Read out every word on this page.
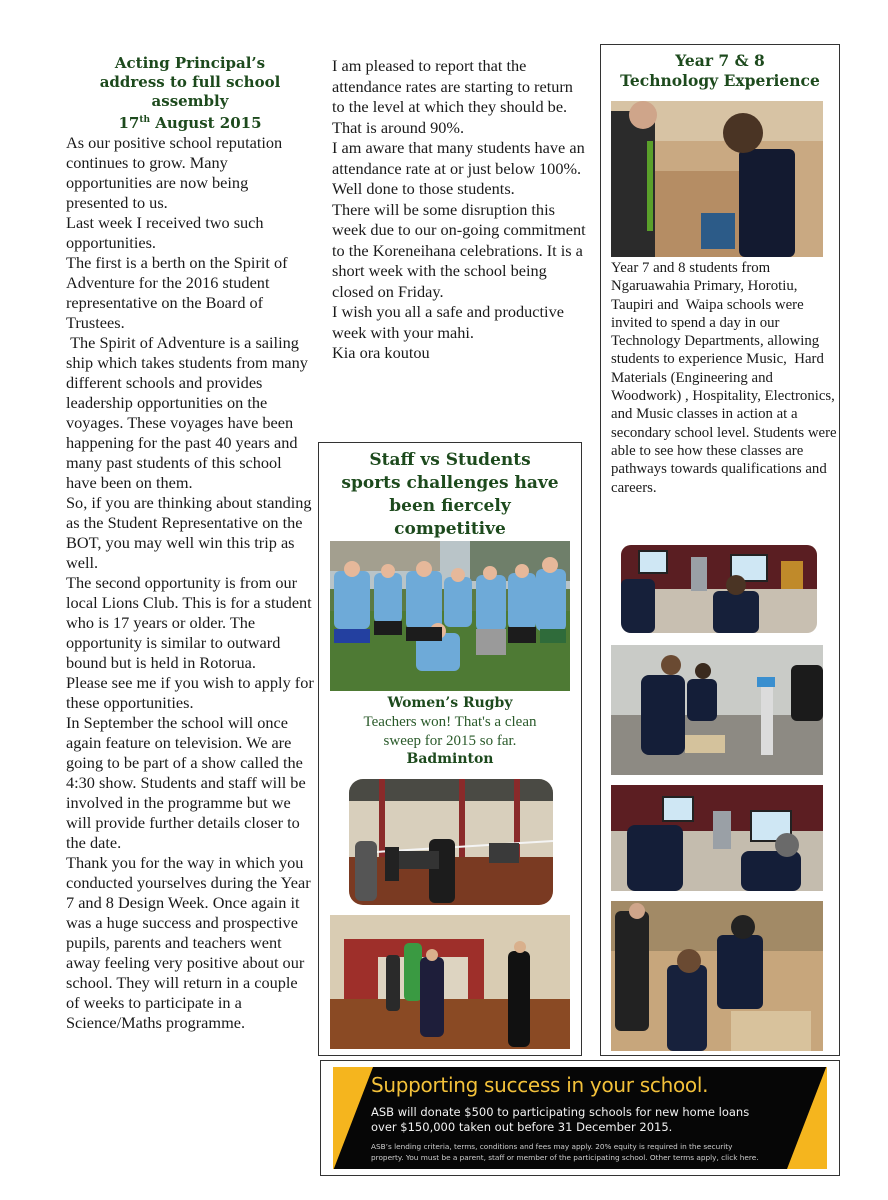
Acting Principal’s
address to full school
assembly
17th August 2015

As our positive school reputation continues to grow. Many opportunities are now being presented to us.

Last week I received two such opportunities.

The first is a berth on the Spirit of Adventure for the 2016 student representative on the Board of Trustees.

The Spirit of Adventure is a sailing ship which takes students from many different schools and provides leadership opportunities on the voyages. These voyages have been happening for the past 40 years and many past students of this school have been on them.

So, if you are thinking about standing as the Student Representative on the BOT, you may well win this trip as well.

The second opportunity is from our local Lions Club. This is for a student who is 17 years or older. The opportunity is similar to outward bound but is held in Rotorua.

Please see me if you wish to apply for these opportunities.

In September the school will once again feature on television. We are going to be part of a show called the 4:30 show. Students and staff will be involved in the programme but we will provide further details closer to the date.

Thank you for the way in which you conducted yourselves during the Year 7 and 8 Design Week. Once again it was a huge success and prospective pupils, parents and teachers went away feeling very positive about our school. They will return in a couple of weeks to participate in a Science/Maths programme.

I am pleased to report that the attendance rates are starting to return to the level at which they should be. That is around 90%.

I am aware that many students have an attendance rate at or just below 100%. Well done to those students.

There will be some disruption this week due to our on-going commitment to the Koreneihana celebrations. It is a short week with the school being closed on Friday.

I wish you all a safe and productive week with your mahi.

Kia ora koutou

Staff vs Students
sports challenges have
been fiercely
competitive
Women’s Rugby
Teachers won! That's a clean
sweep for 2015 so far.
Badminton
Year 7 & 8
Technology Experience
Year 7 and 8 students from Ngaruawahia Primary, Horotiu, Taupiri and  Waipa schools were invited to spend a day in our Technology Departments, allowing students to experience Music,  Hard Materials (Engineering and Woodwork) , Hospitality, Electronics,  and Music classes in action at a secondary school level. Students were able to see how these classes are pathways towards qualifications and careers.
Supporting success in your school.
ASB will donate $500 to participating schools for new home loans
over $150,000 taken out before 31 December 2015.
ASB’s lending criteria, terms, conditions and fees may apply. 20% equity is required in the security
property. You must be a parent, staff or member of the participating school. Other terms apply, click here.
